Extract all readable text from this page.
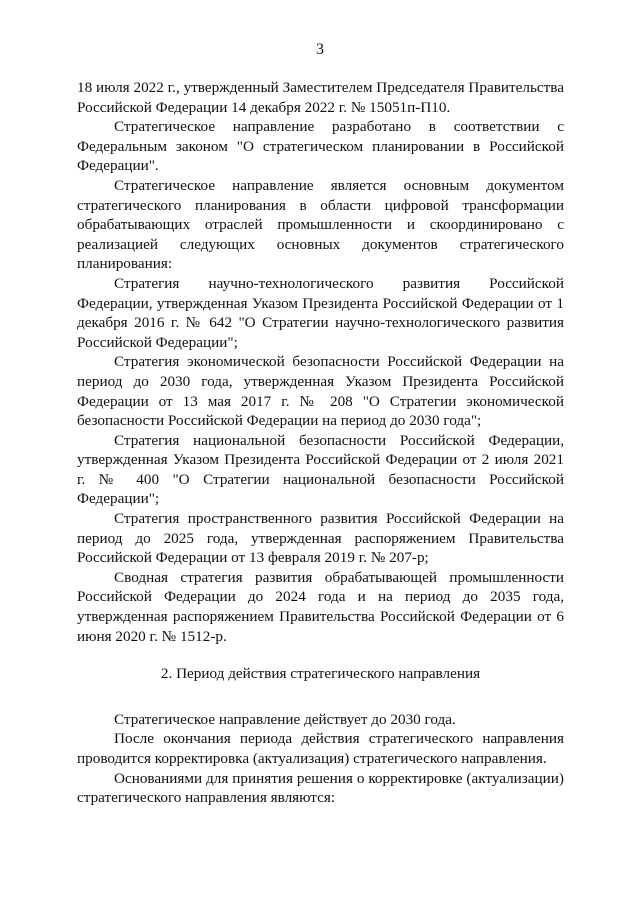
3

18 июля 2022 г., утвержденный Заместителем Председателя Правительства Российской Федерации 14 декабря 2022 г. № 15051п-П10.

Стратегическое направление разработано в соответствии с Федеральным законом "О стратегическом планировании в Российской Федерации".

Стратегическое направление является основным документом стратегического планирования в области цифровой трансформации обрабатывающих отраслей промышленности и скоординировано с реализацией следующих основных документов стратегического планирования:

Стратегия научно-технологического развития Российской Федерации, утвержденная Указом Президента Российской Федерации от 1 декабря 2016 г. № 642 "О Стратегии научно-технологического развития Российской Федерации";

Стратегия экономической безопасности Российской Федерации на период до 2030 года, утвержденная Указом Президента Российской Федерации от 13 мая 2017 г. № 208 "О Стратегии экономической безопасности Российской Федерации на период до 2030 года";

Стратегия национальной безопасности Российской Федерации, утвержденная Указом Президента Российской Федерации от 2 июля 2021 г. № 400 "О Стратегии национальной безопасности Российской Федерации";

Стратегия пространственного развития Российской Федерации на период до 2025 года, утвержденная распоряжением Правительства Российской Федерации от 13 февраля 2019 г. № 207-р;

Сводная стратегия развития обрабатывающей промышленности Российской Федерации до 2024 года и на период до 2035 года, утвержденная распоряжением Правительства Российской Федерации от 6 июня 2020 г. № 1512-р.

2. Период действия стратегического направления

Стратегическое направление действует до 2030 года.

После окончания периода действия стратегического направления проводится корректировка (актуализация) стратегического направления.

Основаниями для принятия решения о корректировке (актуализации) стратегического направления являются:
